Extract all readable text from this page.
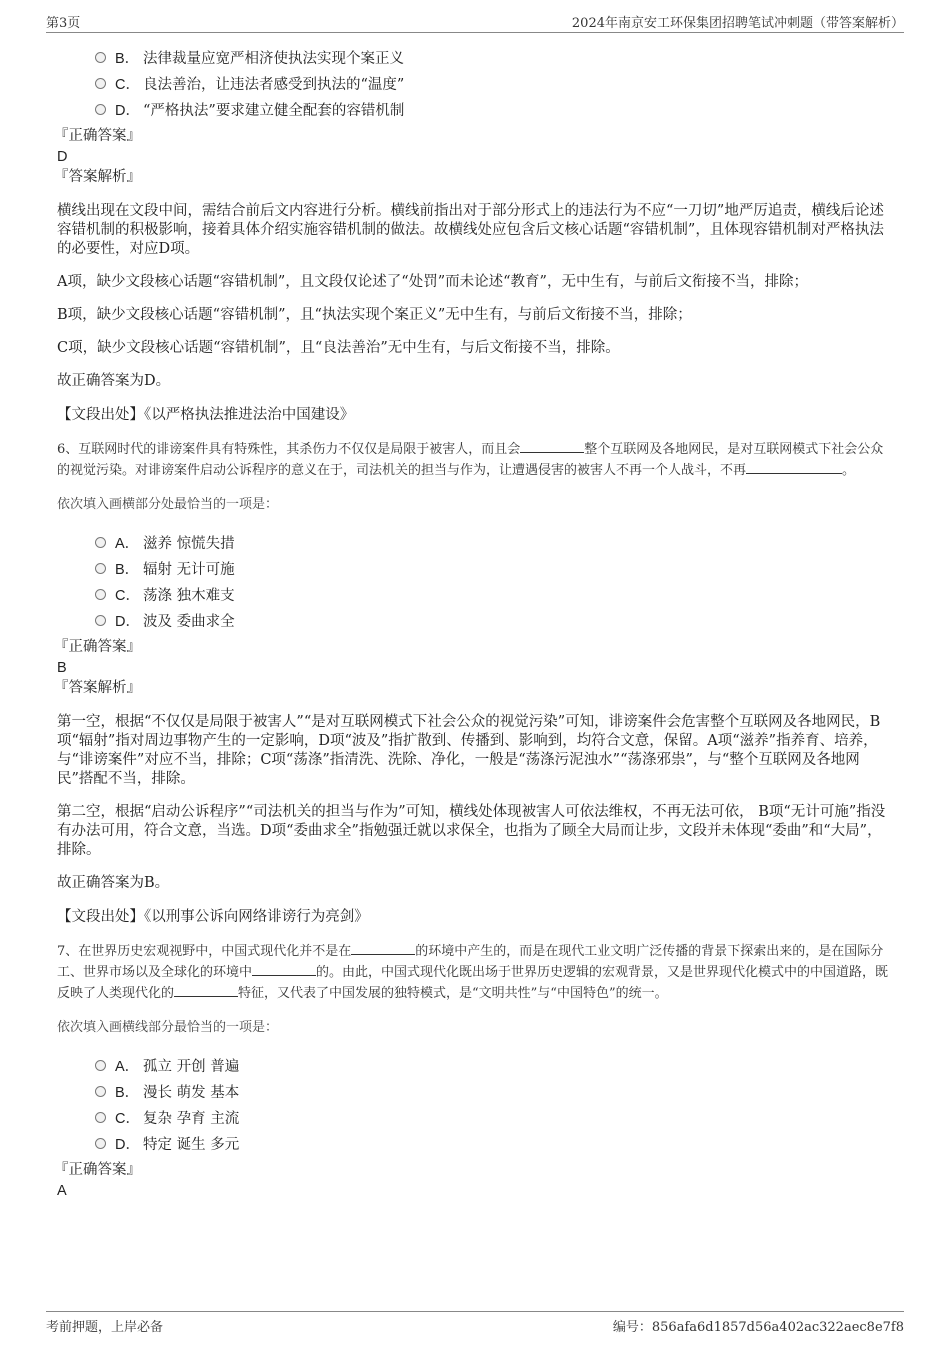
第3页	2024年南京安工环保集团招聘笔试冲刺题（带答案解析）
B． 法律裁量应宽严相济使执法实现个案正义
C． 良法善治，让违法者感受到执法的“温度”
D． “严格执法”要求建立健全配套的容错机制
『正确答案』
D
『答案解析』

横线出现在文段中间，需结合前后文内容进行分析。横线前指出对于部分形式上的违法行为不应“一刀切”地严厉追责，横线后论述容错机制的积极影响，接着具体介绍实施容错机制的做法。故横线处应包含后文核心话题“容错机制”，且体现容错机制对严格执法的必要性，对应D项。

A项，缺少文段核心话题“容错机制”，且文段仅论述了“处罚”而未论述“教育”，无中生有，与前后文衔接不当，排除；

B项，缺少文段核心话题“容错机制”，且“执法实现个案正义”无中生有，与前后文衔接不当，排除；

C项，缺少文段核心话题“容错机制”，且“良法善治”无中生有，与后文衔接不当，排除。

故正确答案为D。

【文段出处】《以严格执法推进法治中国建设》

6、互联网时代的诽谤案件具有特殊性，其杀伤力不仅仅是局限于被害人，而且会	整个互联网及各地网民，是对互联网模式下社会公众的视觉污染。对诽谤案件启动公诉程序的意义在于，司法机关的担当与作为，让遭遇侵害的被害人不再一个人战斗，不再	。

依次填入画横部分处最恰当的一项是：
A． 滋养 惊慌失措
B． 辐射 无计可施
C． 荡涤 独木难支
D． 波及 委曲求全
『正确答案』
B
『答案解析』

第一空，根据“不仅仅是局限于被害人”“是对互联网模式下社会公众的视觉污染”可知，诽谤案件会危害整个互联网及各地网民，B项“辐射”指对周边事物产生的一定影响，D项“波及”指扩散到、传播到、影响到，均符合文意，保留。A项“滋养”指养育、培养，与“诽谤案件”对应不当，排除；C项“荡涤”指清洗、洗除、净化，一般是“荡涤污泥浊水”“荡涤邪祟”，与“整个互联网及各地网民”搭配不当，排除。

第二空，根据“启动公诉程序”“司法机关的担当与作为”可知，横线处体现被害人可依法维权，不再无法可依， B项“无计可施”指没有办法可用，符合文意，当选。D项“委曲求全”指勉强迁就以求保全，也指为了顾全大局而让步，文段并未体现“委曲”和“大局”，排除。

故正确答案为B。

【文段出处】《以刑事公诉向网络诽谤行为亮剑》

7、在世界历史宏观视野中，中国式现代化并不是在	的环境中产生的，而是在现代工业文明广泛传播的背景下探索出来的，是在国际分工、世界市场以及全球化的环境中	的。由此，中国式现代化既出场于世界历史逻辑的宏观背景，又是世界现代化模式中的中国道路，既反映了人类现代化的	特征，又代表了中国发展的独特模式，是“文明共性”与“中国特色”的统一。

依次填入画横线部分最恰当的一项是：
A． 孤立 开创 普遍
B． 漫长 萌发 基本
C． 复杂 孕育 主流
D． 特定 诞生 多元
『正确答案』
A
考前押题，上岸必备	编号：856afa6d1857d56a402ac322aec8e7f8
